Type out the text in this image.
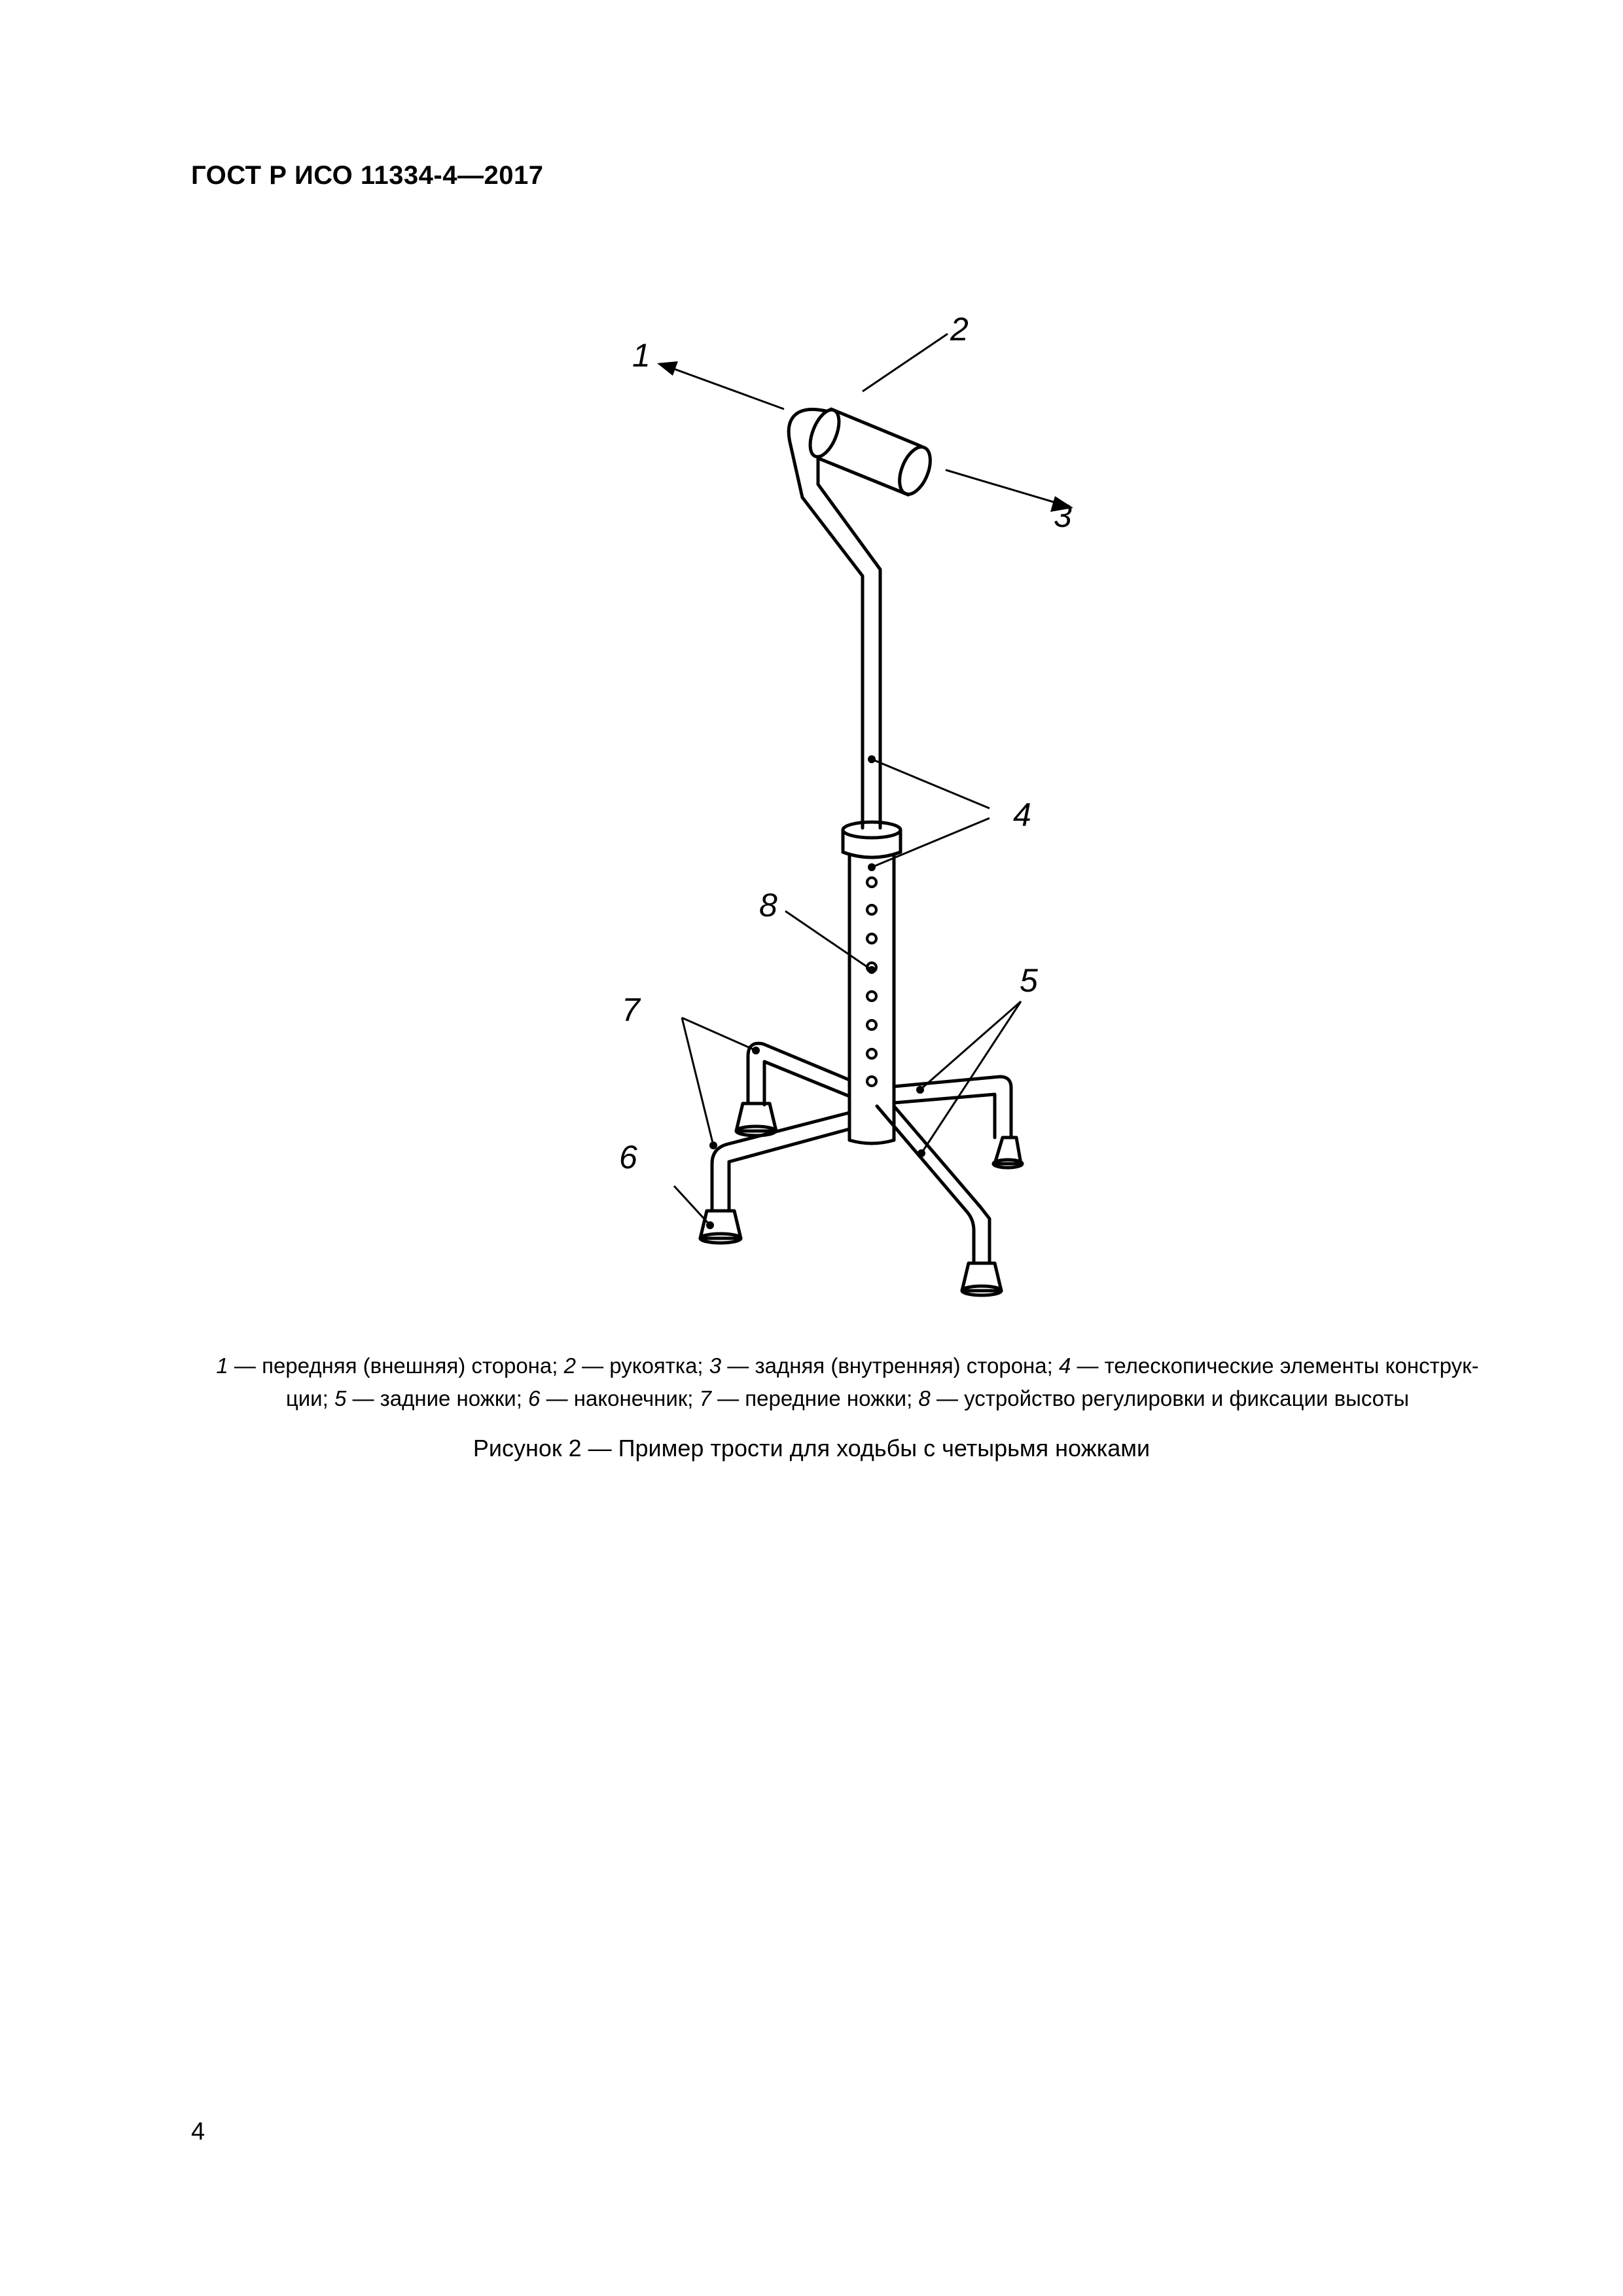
ГОСТ Р ИСО 11334-4—2017
1
2
3
4
5
6
7
8
1 — передняя (внешняя) сторона; 2 — рукоятка; 3 — задняя (внутренняя) сторона; 4 — телескопические элементы конструк-
ции; 5 — задние ножки; 6 — наконечник; 7 — передние ножки; 8 — устройство регулировки и фиксации высоты
Рисунок 2 — Пример трости для ходьбы с четырьмя ножками
4
